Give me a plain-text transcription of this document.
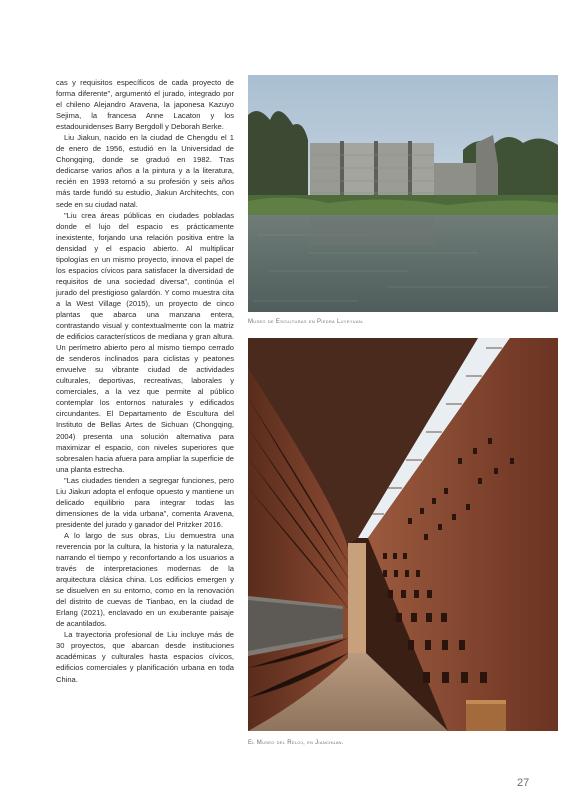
cas y requisitos específicos de cada proyecto de forma diferente", argumentó el jurado, integrado por el chileno Alejandro Aravena, la japonesa Kazuyo Sejima, la francesa Anne Lacaton y los estadounidenses Barry Bergdoll y Deborah Berke.

Liu Jiakun, nacido en la ciudad de Chengdu el 1 de enero de 1956, estudió en la Universidad de Chongqing, donde se graduó en 1982. Tras dedicarse varios años a la pintura y a la literatura, recién en 1993 retornó a su profesión y seis años más tarde fundó su estudio, Jiakun Architechts, con sede en su ciudad natal.

"Liu crea áreas públicas en ciudades pobladas donde el lujo del espacio es prácticamente inexistente, forjando una relación positiva entre la densidad y el espacio abierto. Al multiplicar tipologías en un mismo proyecto, innova el papel de los espacios cívicos para satisfacer la diversidad de requisitos de una sociedad diversa", continúa el jurado del prestigioso galardón. Y como muestra cita a la West Village (2015), un proyecto de cinco plantas que abarca una manzana entera, contrastando visual y contextualmente con la matriz de edificios característicos de mediana y gran altura. Un perímetro abierto pero al mismo tiempo cerrado de senderos inclinados para ciclistas y peatones envuelve su vibrante ciudad de actividades culturales, deportivas, recreativas, laborales y comerciales, a la vez que permite al público contemplar los entornos naturales y edificados circundantes. El Departamento de Escultura del Instituto de Bellas Artes de Sichuan (Chongqing, 2004) presenta una solución alternativa para maximizar el espacio, con niveles superiores que sobresalen hacia afuera para ampliar la superficie de una planta estrecha.

"Las ciudades tienden a segregar funciones, pero Liu Jiakun adopta el enfoque opuesto y mantiene un delicado equilibrio para integrar todas las dimensiones de la vida urbana", comenta Aravena, presidente del jurado y ganador del Pritzker 2016.

A lo largo de sus obras, Liu demuestra una reverencia por la cultura, la historia y la naturaleza, narrando el tiempo y reconfortando a los usuarios a través de interpretaciones modernas de la arquitectura clásica china. Los edificios emergen y se disuelven en su entorno, como en la renovación del distrito de cuevas de Tianbao, en la ciudad de Erlang (2021), enclavado en un exuberante paisaje de acantilados.

La trayectoria profesional de Liu incluye más de 30 proyectos, que abarcan desde instituciones académicas y culturales hasta espacios cívicos, edificios comerciales y planificación urbana en toda China.

Museo de Esculturas en Piedra Luyeyuan.
El Museo del Reloj, en Jianchuan.
27
